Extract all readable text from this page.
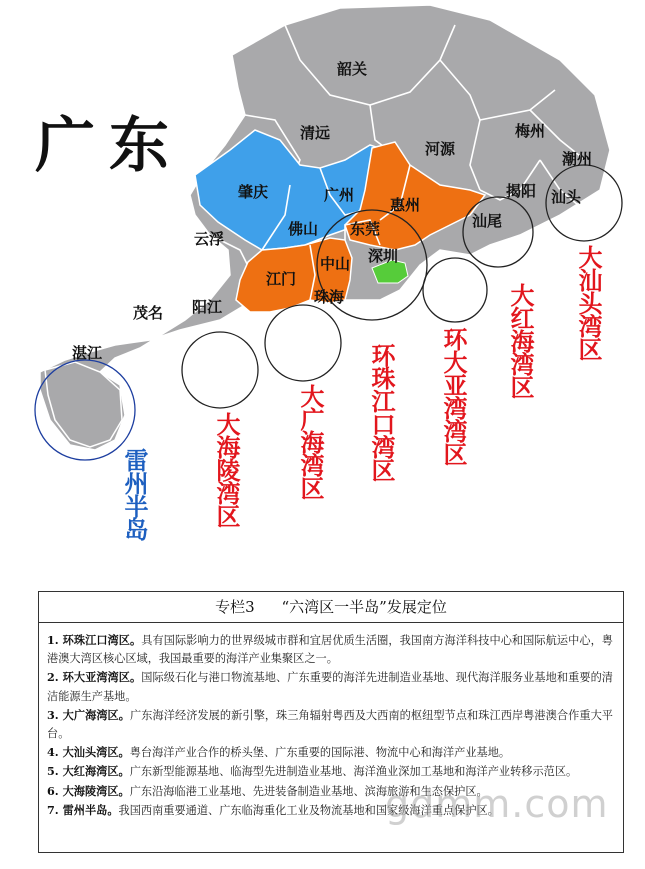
广东
韶关
清远
河源
梅州
潮州
揭阳 汕头
汕尾
惠州
东莞
深圳
广州
佛山
肇庆
云浮
江门
中山
珠海
阳江
茂名
湛江
雷州半岛	大海陵湾区 大广海湾区 环珠江口湾区 环大亚湾湾区 大红海湾区 大汕头湾区
专栏3 “六湾区一半岛”发展定位

1. 环珠江口湾区。具有国际影响力的世界级城市群和宜居优质生活圈，我国南方海洋科技中心和国际航运中心，粤港澳大湾区核心区域，我国最重要的海洋产业集聚区之一。

2. 环大亚湾湾区。国际级石化与港口物流基地、广东重要的海洋先进制造业基地、现代海洋服务业基地和重要的清洁能源生产基地。

3. 大广海湾区。广东海洋经济发展的新引擎，珠三角辐射粤西及大西南的枢纽型节点和珠江西岸粤港澳合作重大平台。

4. 大汕头湾区。粤台海洋产业合作的桥头堡、广东重要的国际港、物流中心和海洋产业基地。

5. 大红海湾区。广东新型能源基地、临海型先进制造业基地、海洋渔业深加工基地和海洋产业转移示范区。

6. 大海陵湾区。广东沿海临港工业基地、先进装备制造业基地、滨海旅游和生态保护区。

7. 雷州半岛。我国西南重要通道、广东临海重化工业及物流基地和国家级海洋重点保护区。

gdmm.com
